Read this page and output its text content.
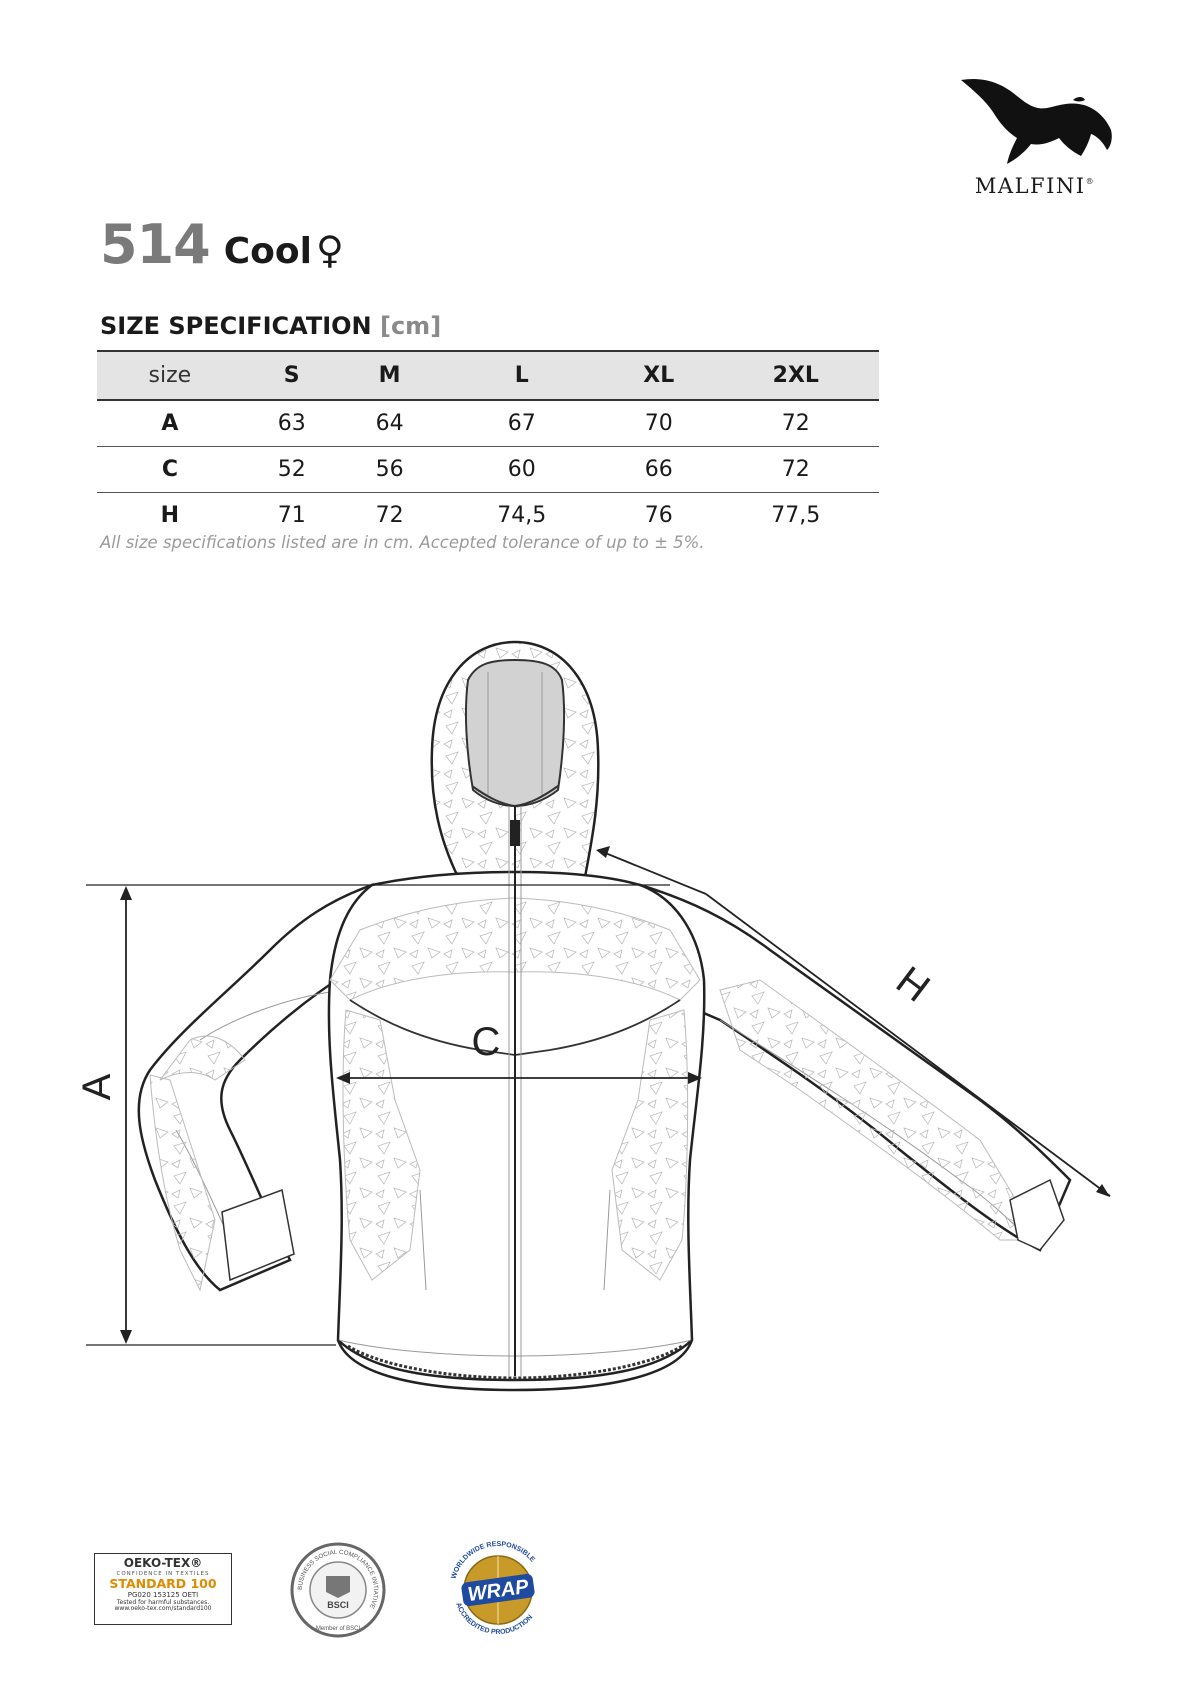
MALFINI®
514 Cool ♀
SIZE SPECIFICATION [cm]
size	S	M	L	XL	2XL
A	63	64	67	70	72
C	52	56	60	66	72
H	71	72	74,5	76	77,5
All size specifications listed are in cm. Accepted tolerance of up to ± 5%.
A
C
H
OEKO-TEX®
CONFIDENCE IN TEXTILES
STANDARD 100
PG020 153125 OETI
Tested for harmful substances.
www.oeko-tex.com/standard100
BUSINESS SOCIAL COMPLIANCE INITIATIVE
BSCI
Member of BSCI
WORLDWIDE RESPONSIBLE
ACCREDITED PRODUCTION
WRAP
